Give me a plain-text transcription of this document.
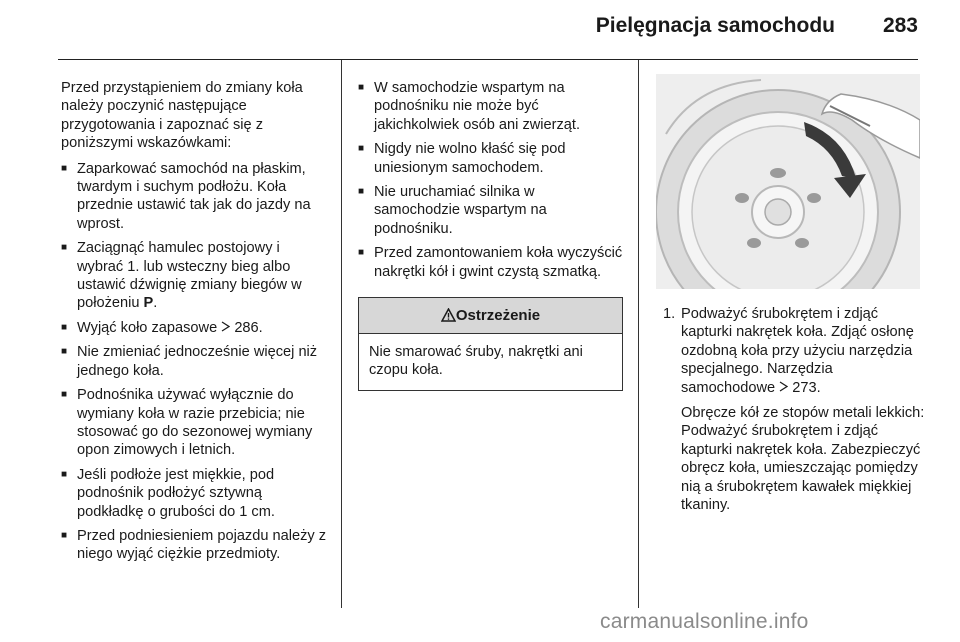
Pielęgnacja samochodu 283

Przed przystąpieniem do zmiany koła należy poczynić następujące przygotowania i zapoznać się z poniższymi wskazówkami:

■ Zaparkować samochód na płaskim, twardym i suchym podłożu. Koła przednie ustawić tak jak do jazdy na wprost.
■ Zaciągnąć hamulec postojowy i wybrać 1. lub wsteczny bieg albo ustawić dźwignię zmiany biegów w położeniu P.
■ Wyjąć koło zapasowe  286.
■ Nie zmieniać jednocześnie więcej niż jednego koła.
■ Podnośnika używać wyłącznie do wymiany koła w razie przebicia; nie stosować go do sezonowej wymiany opon zimowych i letnich.
■ Jeśli podłoże jest miękkie, pod podnośnik podłożyć sztywną podkładkę o grubości do 1 cm.
■ Przed podniesieniem pojazdu należy z niego wyjąć ciężkie przedmioty.
■ W samochodzie wspartym na podnośniku nie może być jakichkolwiek osób ani zwierząt.
■ Nigdy nie wolno kłaść się pod uniesionym samochodem.
■ Nie uruchamiać silnika w samochodzie wspartym na podnośniku.
■ Przed zamontowaniem koła wyczyścić nakrętki kół i gwint czystą szmatką.
Ostrzeżenie
Nie smarować śruby, nakrętki ani czopu koła.
1. Podważyć śrubokrętem i zdjąć kapturki nakrętek koła. Zdjąć osłonę ozdobną koła przy użyciu narzędzia specjalnego. Narzędzia samochodowe  273.

Obręcze kół ze stopów metali lekkich: Podważyć śrubokrętem i zdjąć kapturki nakrętek koła. Zabezpieczyć obręcz koła, umieszczając pomiędzy nią a śrubokrętem kawałek miękkiej tkaniny.

carmanualsonline.info
